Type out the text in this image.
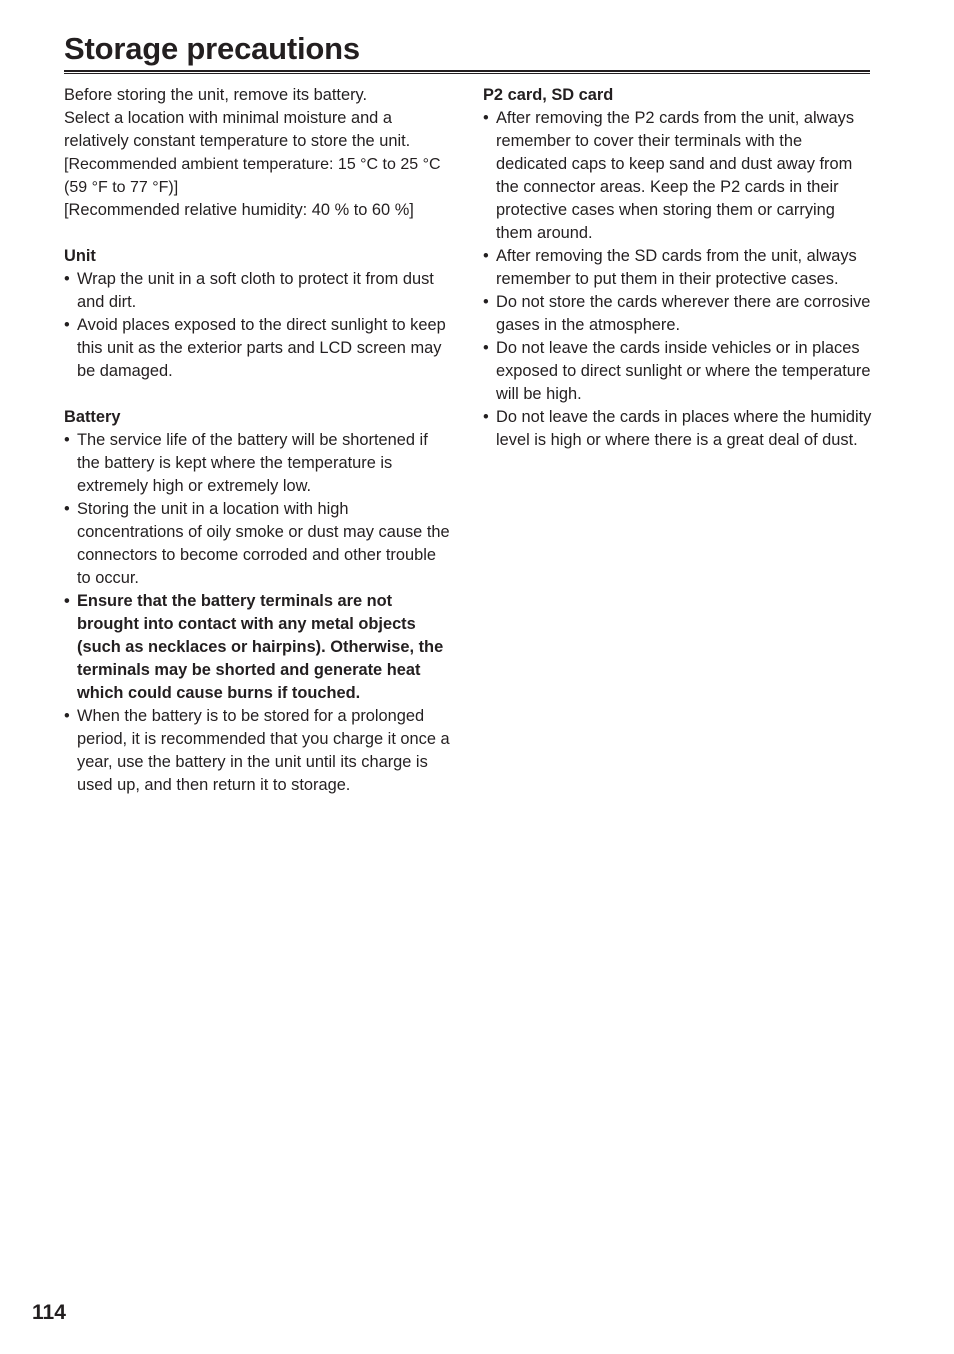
Storage precautions

Before storing the unit, remove its battery.

Select a location with minimal moisture and a relatively constant temperature to store the unit.

[Recommended ambient temperature: 15 °C to 25 °C (59 °F to 77 °F)]

[Recommended relative humidity: 40 % to 60 %]

Unit

• Wrap the unit in a soft cloth to protect it from dust and dirt.
• Avoid places exposed to the direct sunlight to keep this unit as the exterior parts and LCD screen may be damaged.

Battery

• The service life of the battery will be shortened if the battery is kept where the temperature is extremely high or extremely low.
• Storing the unit in a location with high concentrations of oily smoke or dust may cause the connectors to become corroded and other trouble to occur.
• Ensure that the battery terminals are not brought into contact with any metal objects (such as necklaces or hairpins). Otherwise, the terminals may be shorted and generate heat which could cause burns if touched.
• When the battery is to be stored for a prolonged period, it is recommended that you charge it once a year, use the battery in the unit until its charge is used up, and then return it to storage.

P2 card, SD card

• After removing the P2 cards from the unit, always remember to cover their terminals with the dedicated caps to keep sand and dust away from the connector areas. Keep the P2 cards in their protective cases when storing them or carrying them around.
• After removing the SD cards from the unit, always remember to put them in their protective cases.
• Do not store the cards wherever there are corrosive gases in the atmosphere.
• Do not leave the cards inside vehicles or in places exposed to direct sunlight or where the temperature will be high.
• Do not leave the cards in places where the humidity level is high or where there is a great deal of dust.
114
